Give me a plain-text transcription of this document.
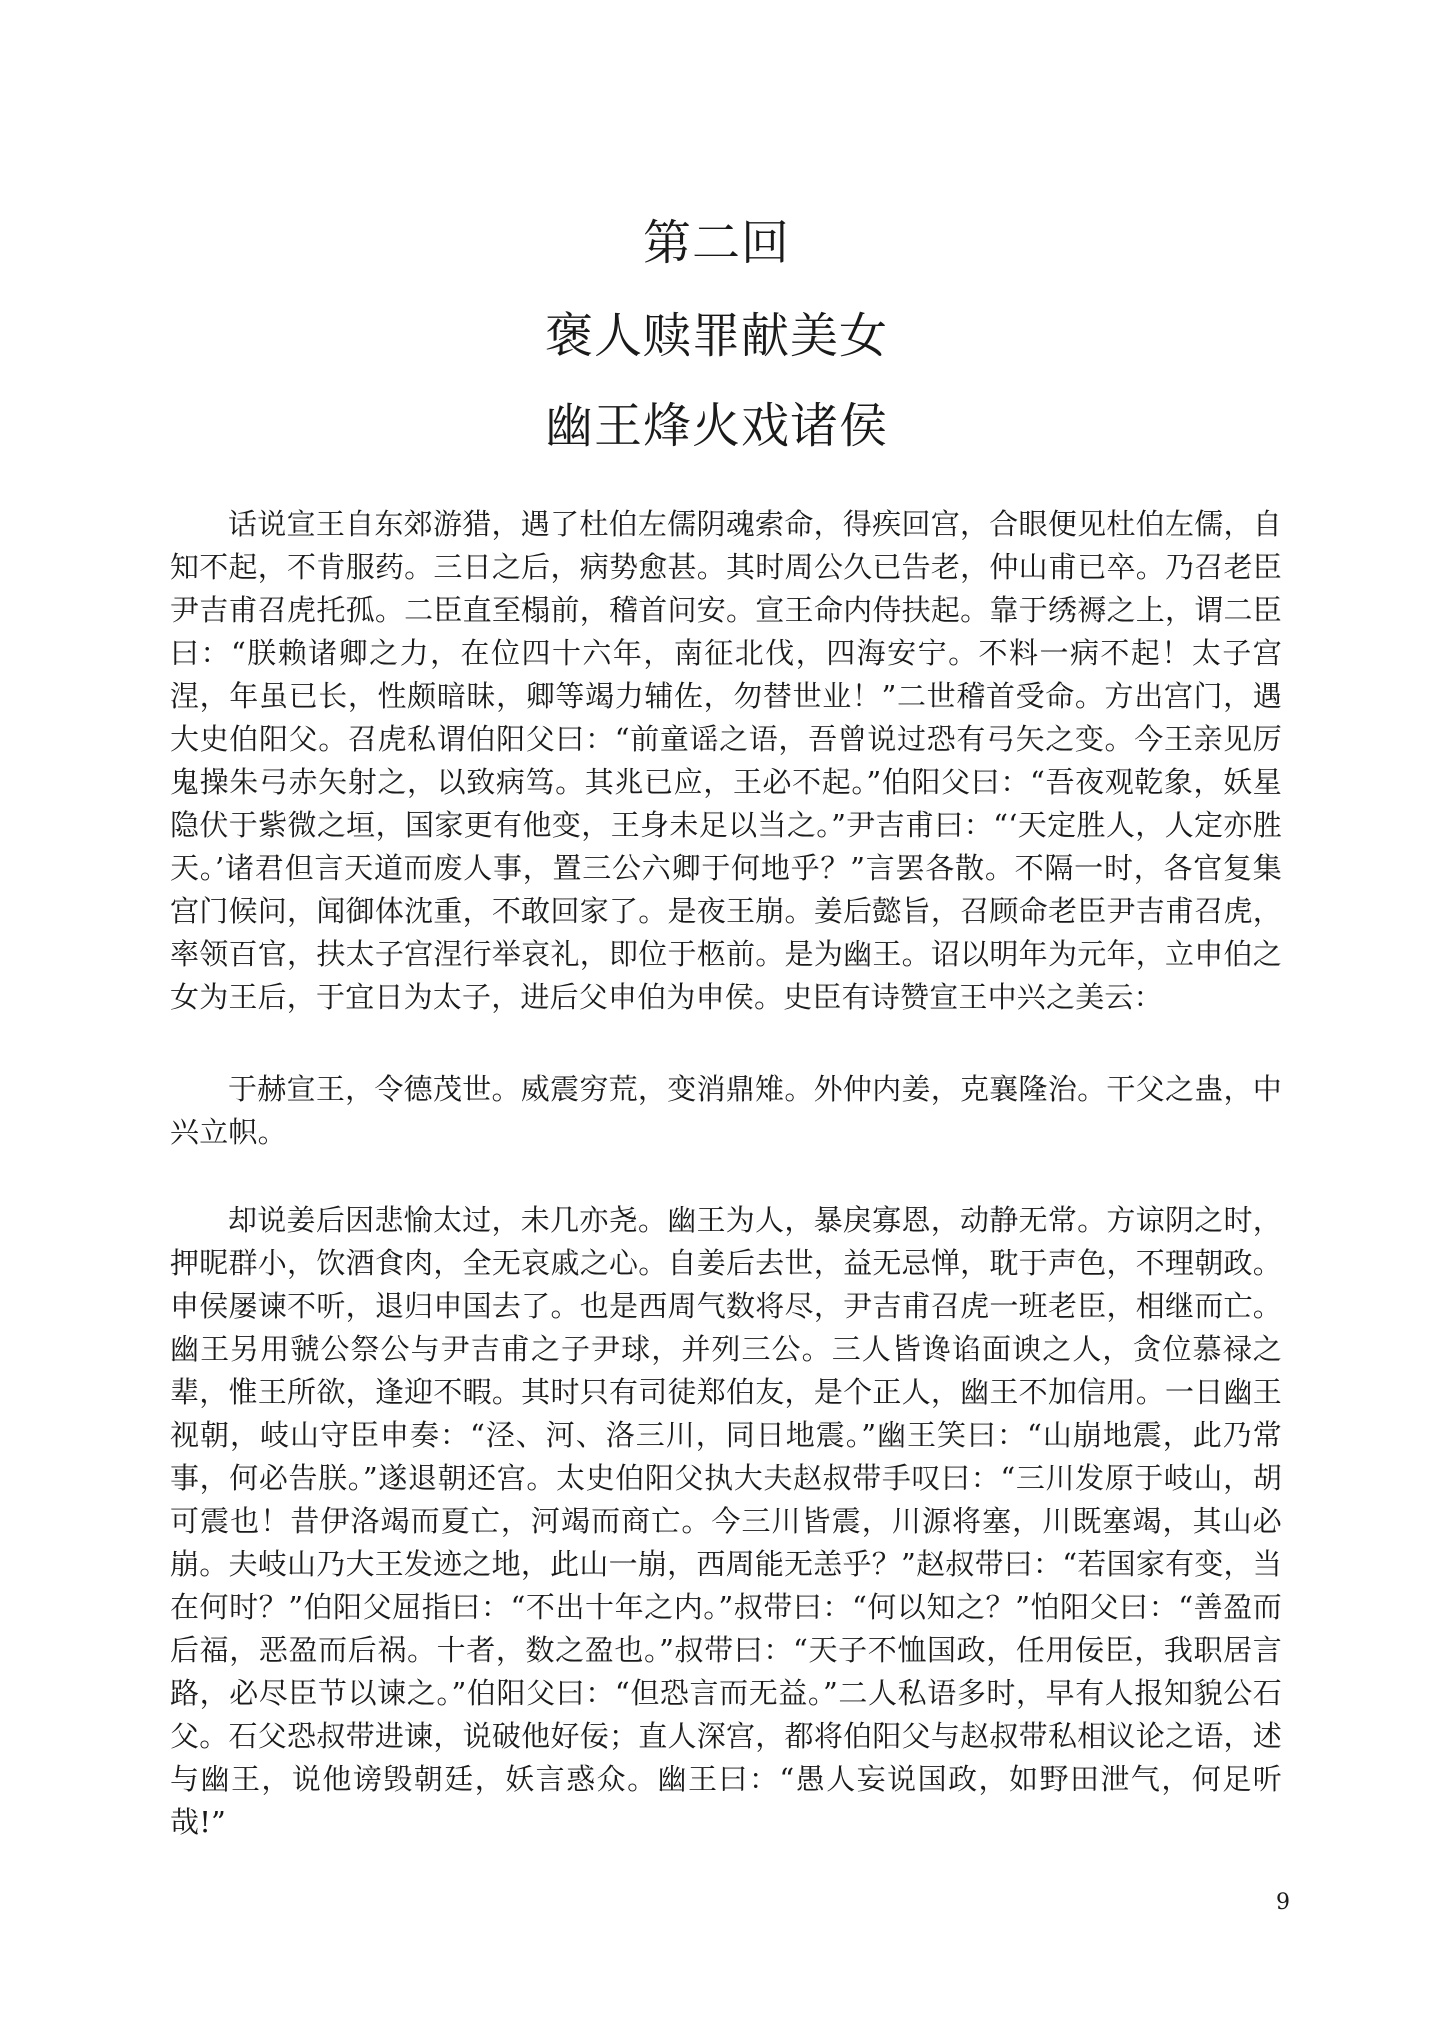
第二回
褒人赎罪献美女
幽王烽火戏诸侯

话说宣王自东郊游猎，遇了杜伯左儒阴魂索命，得疾回宫，合眼便见杜伯左儒，自知不起，不肯服药。三日之后，病势愈甚。其时周公久已告老，仲山甫已卒。乃召老臣尹吉甫召虎托孤。二臣直至榻前，稽首问安。宣王命内侍扶起。靠于绣褥之上，谓二臣曰：“朕赖诸卿之力，在位四十六年，南征北伐，四海安宁。不料一病不起！太子宫涅，年虽已长，性颇暗昧，卿等竭力辅佐，勿替世业！”二世稽首受命。方出宫门，遇大史伯阳父。召虎私谓伯阳父曰：“前童谣之语，吾曾说过恐有弓矢之变。今王亲见厉鬼操朱弓赤矢射之，以致病笃。其兆已应，王必不起。”伯阳父曰：“吾夜观乾象，妖星隐伏于紫微之垣，国家更有他变，王身未足以当之。”尹吉甫曰：“‘天定胜人，人定亦胜天。’诸君但言天道而废人事，置三公六卿于何地乎？”言罢各散。不隔一时，各官复集宫门候问，闻御体沈重，不敢回家了。是夜王崩。姜后懿旨，召顾命老臣尹吉甫召虎，率领百官，扶太子宫涅行举哀礼，即位于柩前。是为幽王。诏以明年为元年，立申伯之女为王后，于宜日为太子，进后父申伯为申侯。史臣有诗赞宣王中兴之美云：

于赫宣王，令德茂世。威震穷荒，变消鼎雉。外仲内姜，克襄隆治。干父之蛊，中兴立帜。

却说姜后因悲愉太过，未几亦尧。幽王为人，暴戾寡恩，动静无常。方谅阴之时，押昵群小，饮酒食肉，全无哀戚之心。自姜后去世，益无忌惮，耽于声色，不理朝政。申侯屡谏不听，退归申国去了。也是西周气数将尽，尹吉甫召虎一班老臣，相继而亡。幽王另用虢公祭公与尹吉甫之子尹球，并列三公。三人皆谗谄面谀之人，贪位慕禄之辈，惟王所欲，逢迎不暇。其时只有司徒郑伯友，是个正人，幽王不加信用。一日幽王视朝，岐山守臣申奏：“泾、河、洛三川，同日地震。”幽王笑曰：“山崩地震，此乃常事，何必告朕。”遂退朝还宫。太史伯阳父执大夫赵叔带手叹曰：“三川发原于岐山，胡可震也！昔伊洛竭而夏亡，河竭而商亡。今三川皆震，川源将塞，川既塞竭，其山必崩。夫岐山乃大王发迹之地，此山一崩，西周能无恙乎？”赵叔带曰：“若国家有变，当在何时？”伯阳父屈指曰：“不出十年之内。”叔带曰：“何以知之？”怕阳父曰：“善盈而后福，恶盈而后祸。十者，数之盈也。”叔带曰：“天子不恤国政，任用佞臣，我职居言路，必尽臣节以谏之。”伯阳父曰：“但恐言而无益。”二人私语多时，早有人报知貌公石父。石父恐叔带进谏，说破他好佞；直人深宫，都将伯阳父与赵叔带私相议论之语，述与幽王，说他谤毁朝廷，妖言惑众。幽王曰：“愚人妄说国政，如野田泄气，何足听哉!”

9
